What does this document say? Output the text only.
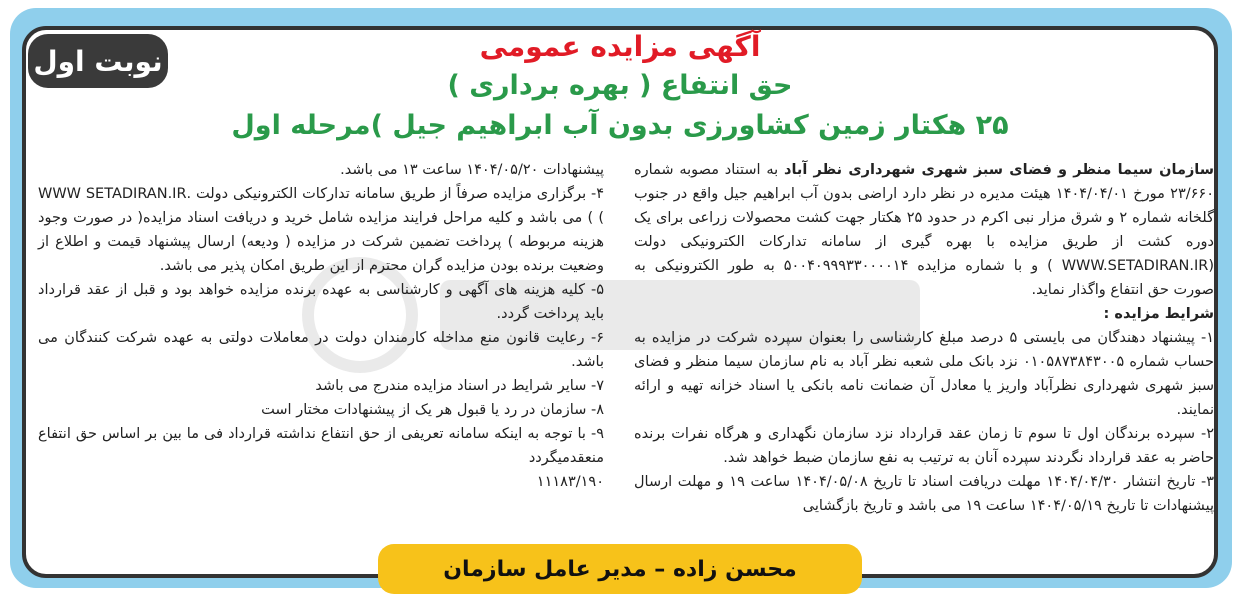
نوبت اول	آگهی مزایده عمومی
حق انتفاع ( بهره برداری )
۲۵ هکتار زمین کشاورزی بدون آب ابراهیم جیل )مرحله اول

سازمان سیما منظر و فضای سبز شهری شهرداری نظر آباد به استناد مصوبه شماره ۲۳/۶۶۰ مورخ ۱۴۰۴/۰۴/۰۱ هیئت مدیره در نظر دارد اراضی بدون آب ابراهیم جیل واقع در جنوب گلخانه شماره ۲ و شرق مزار نبی اکرم در حدود ۲۵ هکتار جهت کشت محصولات زراعی برای یک دوره کشت از طریق مزایده با بهره گیری از سامانه تدارکات الکترونیکی دولت (WWW.SETADIRAN.IR ) و با شماره مزایده ۵۰۰۴۰۹۹۹۳۳۰۰۰۰۱۴ به طور الکترونیکی به صورت حق انتفاع واگذار نماید.

شرایط مزایده :

۱- پیشنهاد دهندگان می بایستی ۵ درصد مبلغ کارشناسی را بعنوان سپرده شرکت در مزایده به حساب شماره ۰۱۰۵۸۷۳۸۴۳۰۰۵ نزد بانک ملی شعبه نظر آباد به نام سازمان سیما منظر و فضای سبز شهری شهرداری نظرآباد واریز یا معادل آن ضمانت نامه بانکی یا اسناد خزانه تهیه و ارائه نمایند.

۲- سپرده برندگان اول تا سوم تا زمان عقد قرارداد نزد سازمان نگهداری و هرگاه نفرات برنده حاضر به عقد قرارداد نگردند سپرده آنان به ترتیب به نفع سازمان ضبط خواهد شد.

۳- تاریخ انتشار ۱۴۰۴/۰۴/۳۰ مهلت دریافت اسناد تا تاریخ ۱۴۰۴/۰۵/۰۸ ساعت ۱۹ و مهلت ارسال پیشنهادات تا تاریخ ۱۴۰۴/۰۵/۱۹ ساعت ۱۹ می باشد و تاریخ بازگشایی

پیشنهادات ۱۴۰۴/۰۵/۲۰ ساعت ۱۳ می باشد.

۴- برگزاری مزایده صرفاً از طریق سامانه تدارکات الکترونیکی دولت .WWW SETADIRAN.IR ) ) می باشد و کلیه مراحل فرایند مزایده شامل خرید و دریافت اسناد مزایده( در صورت وجود هزینه مربوطه ) پرداخت تضمین شرکت در مزایده ( ودیعه) ارسال پیشنهاد قیمت و اطلاع از وضعیت برنده بودن مزایده گران محترم از این طریق امکان پذیر می باشد.

۵- کلیه هزینه های آگهی و کارشناسی به عهده برنده مزایده خواهد بود و قبل از عقد قرارداد باید پرداخت گردد.

۶- رعایت قانون منع مداخله کارمندان دولت در معاملات دولتی به عهده شرکت کنندگان می باشد.

۷- سایر شرایط در اسناد مزایده مندرج می باشد

۸- سازمان در رد یا قبول هر یک از پیشنهادات مختار است

۹- با توجه به اینکه سامانه تعریفی از حق انتفاع نداشته قرارداد فی ما بین بر اساس حق انتفاع منعقدمیگردد

۱۱۱۸۳/۱۹۰

محسن زاده – مدیر عامل سازمان
